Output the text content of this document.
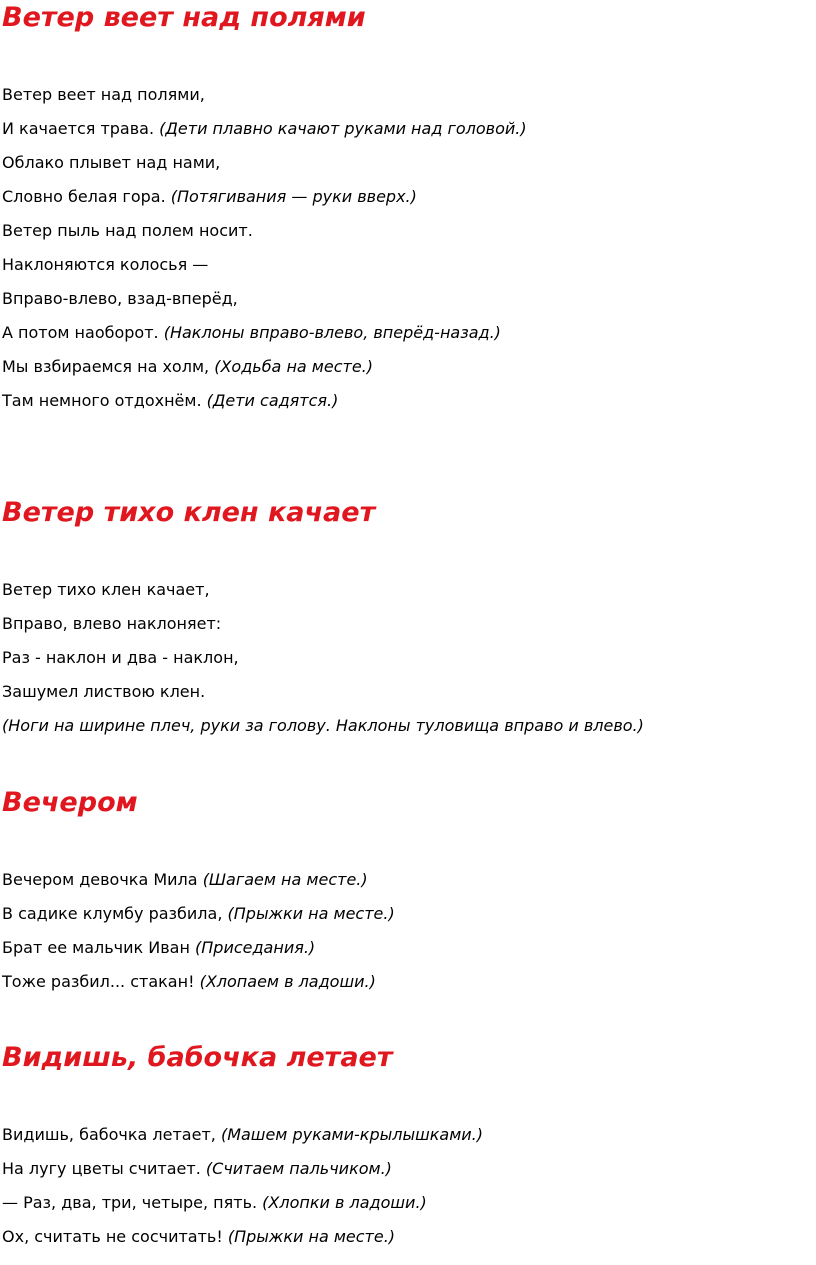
Ветер веет над полями
Ветер веет над полями,
И качается трава. (Дети плавно качают руками над головой.)
Облако плывет над нами,
Словно белая гора. (Потягивания — руки вверх.)
Ветер пыль над полем носит.
Наклоняются колосья —
Вправо-влево, взад-вперёд,
А потом наоборот. (Наклоны вправо-влево, вперёд-назад.)
Мы взбираемся на холм, (Ходьба на месте.)
Там немного отдохнём. (Дети садятся.)
Ветер тихо клен качает
Ветер тихо клен качает,
Вправо, влево наклоняет:
Раз - наклон и два - наклон,
Зашумел листвою клен.
(Ноги на ширине плеч, руки за голову. Наклоны туловища вправо и влево.)
Вечером
Вечером девочка Мила (Шагаем на месте.)
В садике клумбу разбила, (Прыжки на месте.)
Брат ее мальчик Иван (Приседания.)
Тоже разбил... стакан! (Хлопаем в ладоши.)
Видишь, бабочка летает
Видишь, бабочка летает, (Машем руками-крылышками.)
На лугу цветы считает. (Считаем пальчиком.)
— Раз, два, три, четыре, пять. (Хлопки в ладоши.)
Ох, считать не сосчитать! (Прыжки на месте.)
